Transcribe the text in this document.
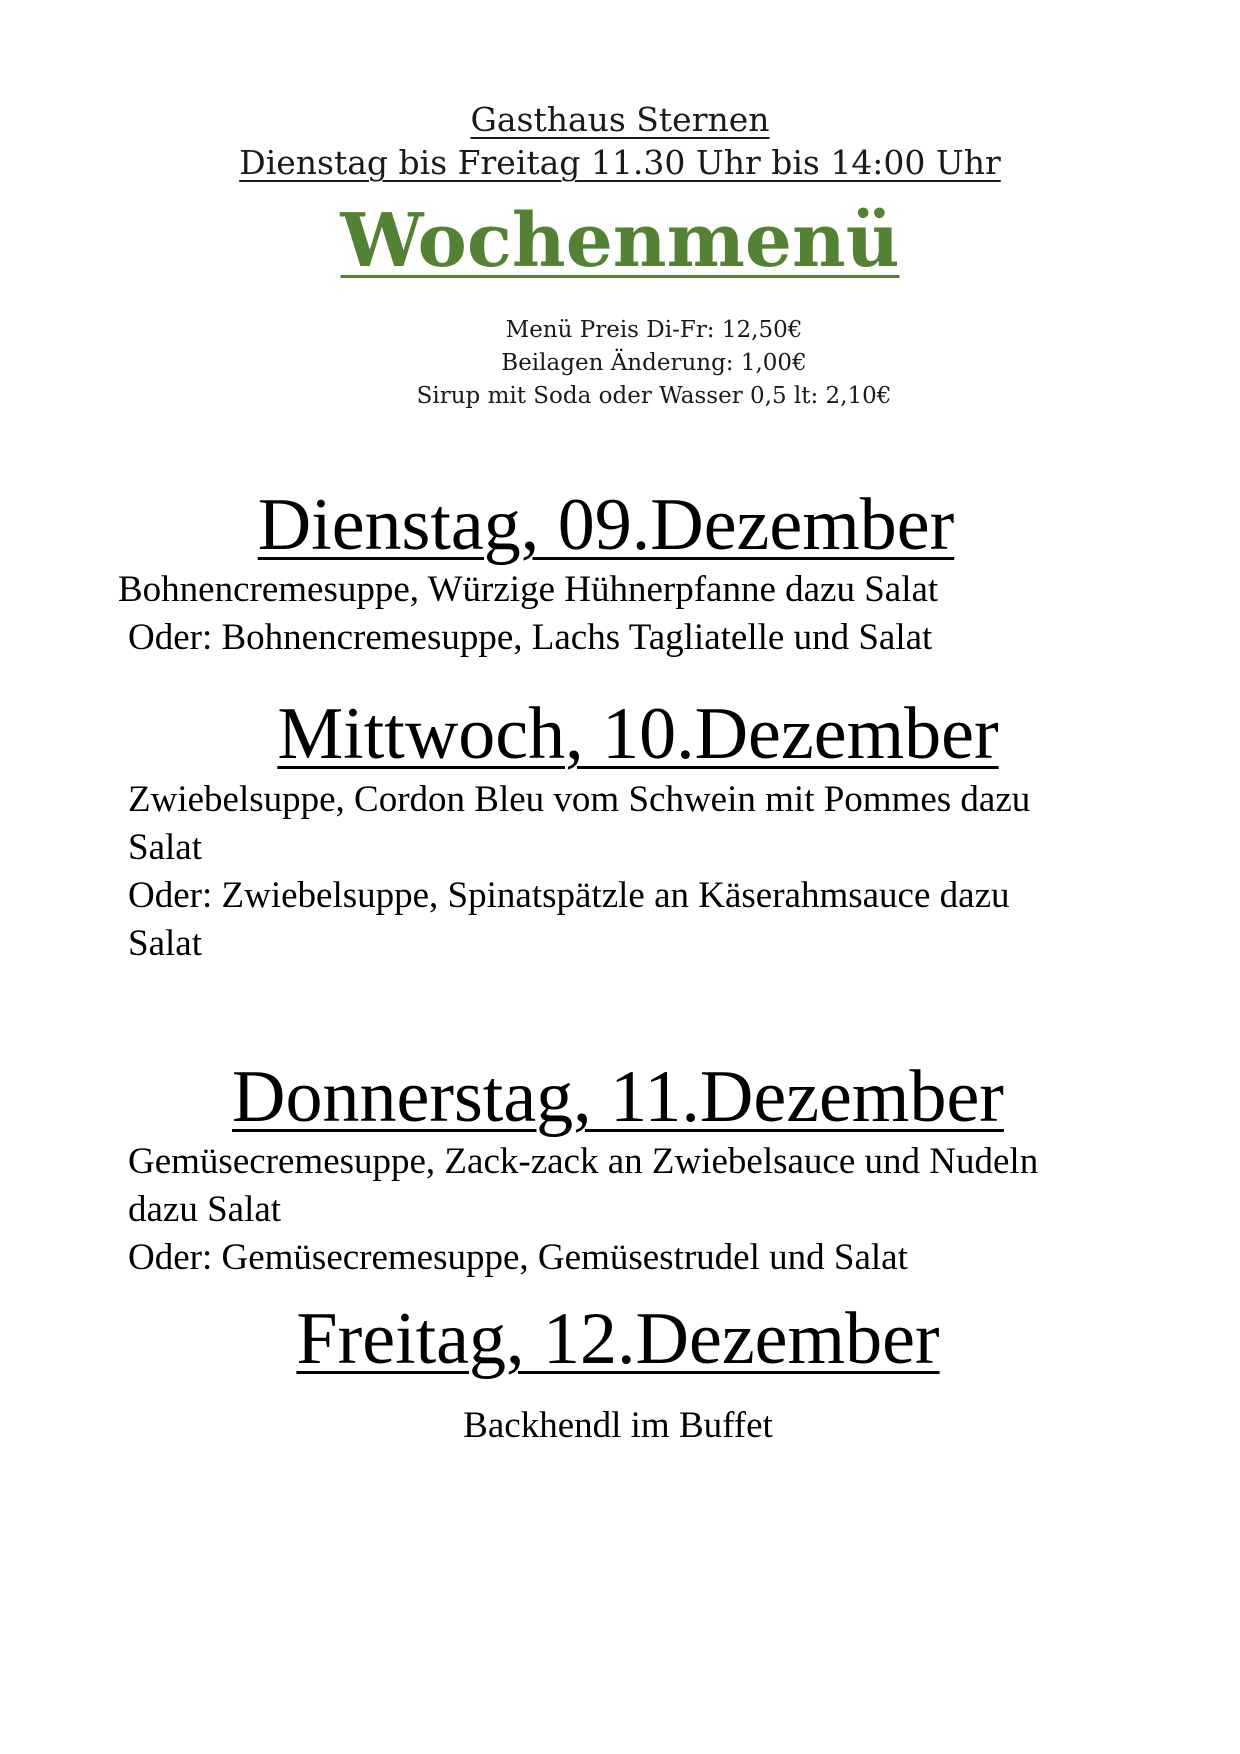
Gasthaus Sternen
Dienstag bis Freitag 11.30 Uhr bis 14:00 Uhr
Wochenmenü
Menü Preis Di-Fr: 12,50€
Beilagen Änderung: 1,00€
Sirup mit Soda oder Wasser 0,5 lt: 2,10€
Dienstag, 09.Dezember
Bohnencremesuppe, Würzige Hühnerpfanne dazu Salat
Oder: Bohnencremesuppe, Lachs Tagliatelle und Salat
Mittwoch, 10.Dezember
Zwiebelsuppe, Cordon Bleu vom Schwein mit Pommes dazu
Salat
Oder: Zwiebelsuppe, Spinatspätzle an Käserahmsauce dazu
Salat
Donnerstag, 11.Dezember
Gemüsecremesuppe, Zack-zack an Zwiebelsauce und Nudeln
dazu Salat
Oder: Gemüsecremesuppe, Gemüsestrudel und Salat
Freitag, 12.Dezember
Backhendl im Buffet
